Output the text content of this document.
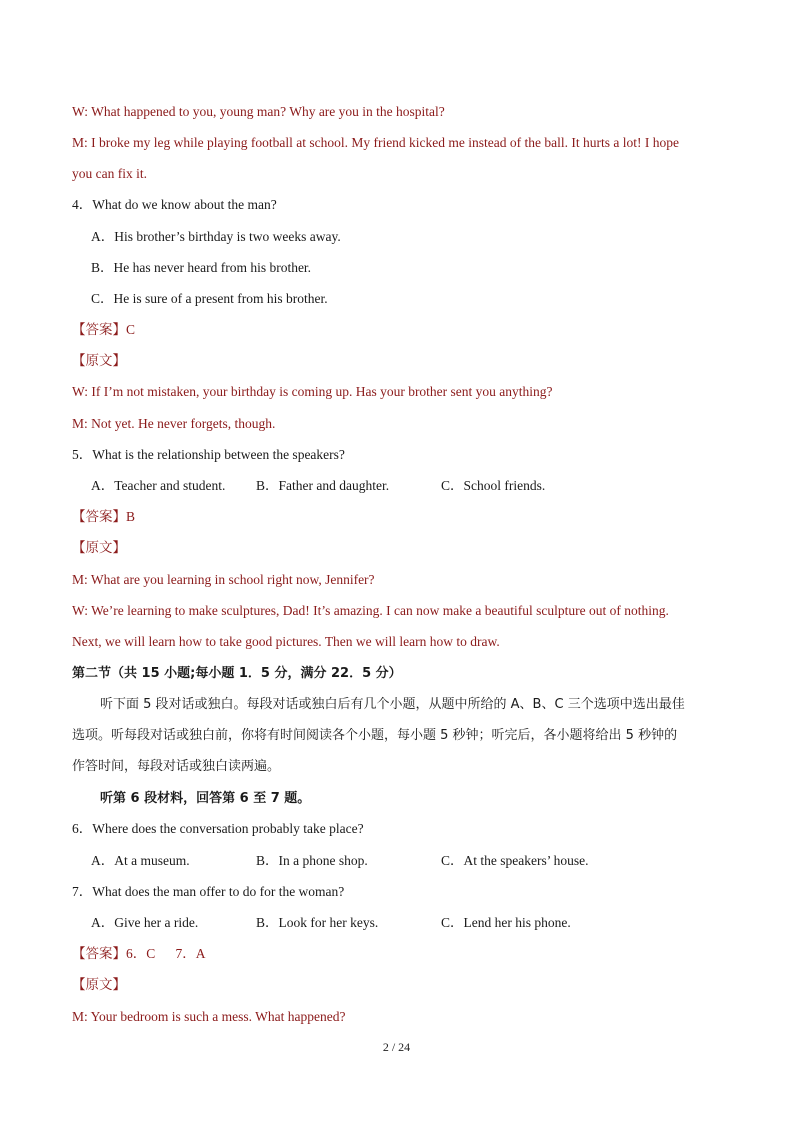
W: What happened to you, young man? Why are you in the hospital?
M: I broke my leg while playing football at school. My friend kicked me instead of the ball. It hurts a lot! I hope
you can fix it.
4．What do we know about the man?
A．His brother’s birthday is two weeks away.
B．He has never heard from his brother.
C．He is sure of a present from his brother.
【答案】C
【原文】
W: If I’m not mistaken, your birthday is coming up. Has your brother sent you anything?
M: Not yet. He never forgets, though.
5．What is the relationship between the speakers?
A．Teacher and student. B．Father and daughter.	C．School friends.
【答案】B
【原文】
M: What are you learning in school right now, Jennifer?
W: We’re learning to make sculptures, Dad! It’s amazing. I can now make a beautiful sculpture out of nothing.
Next, we will learn how to take good pictures. Then we will learn how to draw.
第二节（共 15 小题;每小题 1．5 分，满分 22．5 分）
听下面 5 段对话或独白。每段对话或独白后有几个小题，从题中所给的 A、B、C 三个选项中选出最佳
选项。听每段对话或独白前，你将有时间阅读各个小题，每小题 5 秒钟；听完后，各小题将给出 5 秒钟的
作答时间，每段对话或独白读两遍。
听第 6 段材料，回答第 6 至 7 题。
6．Where does the conversation probably take place?
A．At a museum.	B．In a phone shop.	C．At the speakers’ house.
7．What does the man offer to do for the woman?
A．Give her a ride.	B．Look for her keys.	C．Lend her his phone.
【答案】6．C      7．A
【原文】
M: Your bedroom is such a mess. What happened?
2 / 24
